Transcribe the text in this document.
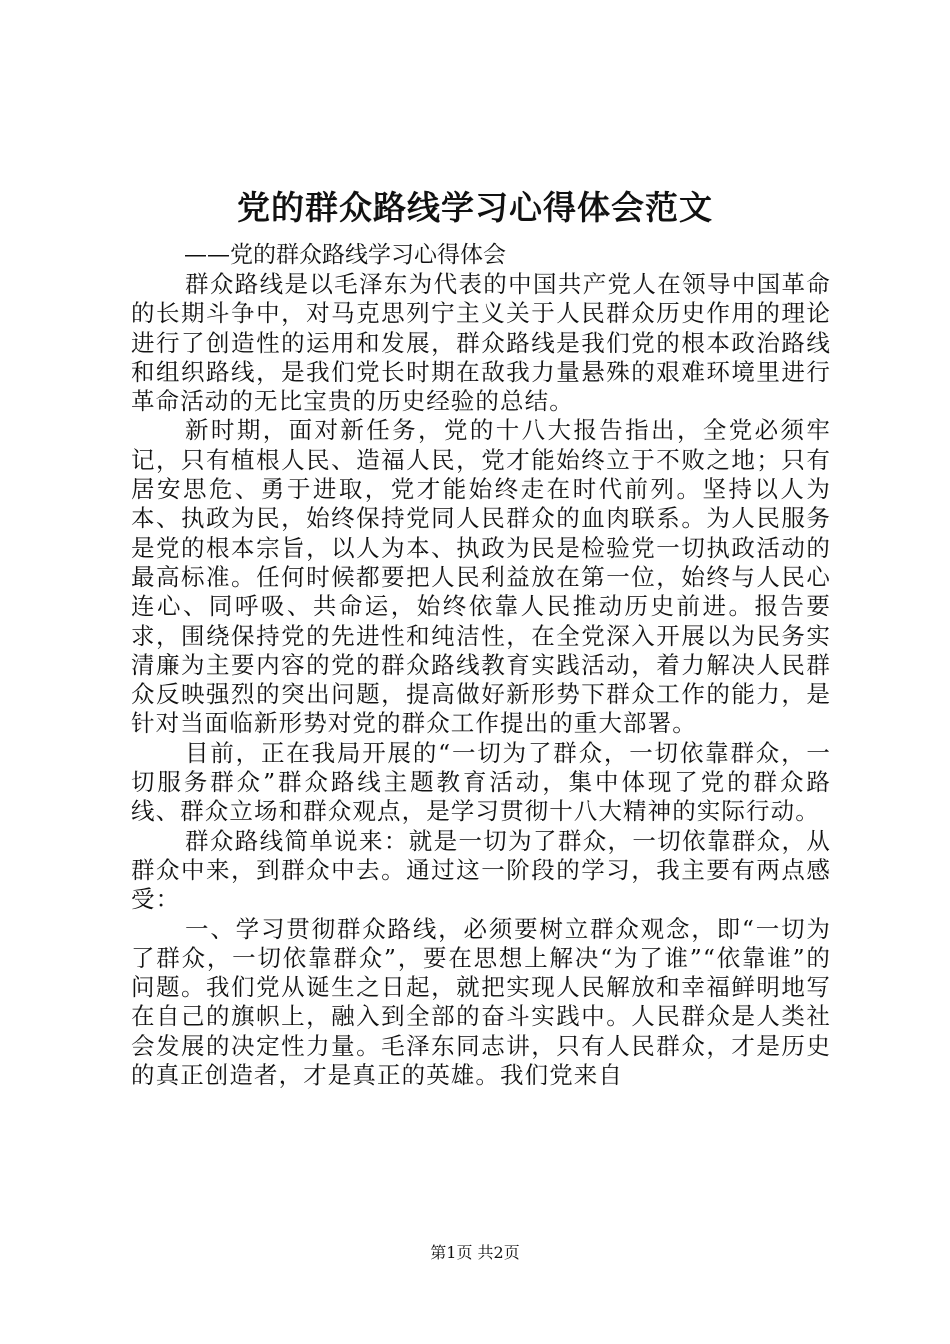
党的群众路线学习心得体会范文

——党的群众路线学习心得体会

群众路线是以毛泽东为代表的中国共产党人在领导中国革命的长期斗争中，对马克思列宁主义关于人民群众历史作用的理论进行了创造性的运用和发展，群众路线是我们党的根本政治路线和组织路线，是我们党长时期在敌我力量悬殊的艰难环境里进行革命活动的无比宝贵的历史经验的总结。

新时期，面对新任务，党的十八大报告指出，全党必须牢记，只有植根人民、造福人民，党才能始终立于不败之地；只有居安思危、勇于进取，党才能始终走在时代前列。坚持以人为本、执政为民，始终保持党同人民群众的血肉联系。为人民服务是党的根本宗旨，以人为本、执政为民是检验党一切执政活动的最高标准。任何时候都要把人民利益放在第一位，始终与人民心连心、同呼吸、共命运，始终依靠人民推动历史前进。报告要求，围绕保持党的先进性和纯洁性，在全党深入开展以为民务实清廉为主要内容的党的群众路线教育实践活动，着力解决人民群众反映强烈的突出问题，提高做好新形势下群众工作的能力，是针对当面临新形势对党的群众工作提出的重大部署。

目前，正在我局开展的“一切为了群众，一切依靠群众，一切服务群众”群众路线主题教育活动，集中体现了党的群众路线、群众立场和群众观点，是学习贯彻十八大精神的实际行动。

群众路线简单说来：就是一切为了群众，一切依靠群众，从群众中来，到群众中去。通过这一阶段的学习，我主要有两点感受：

一、学习贯彻群众路线，必须要树立群众观念，即“一切为了群众，一切依靠群众”，要在思想上解决“为了谁”“依靠谁”的问题。我们党从诞生之日起，就把实现人民解放和幸福鲜明地写在自己的旗帜上，融入到全部的奋斗实践中。人民群众是人类社会发展的决定性力量。毛泽东同志讲，只有人民群众，才是历史的真正创造者，才是真正的英雄。我们党来自

第1页 共2页
